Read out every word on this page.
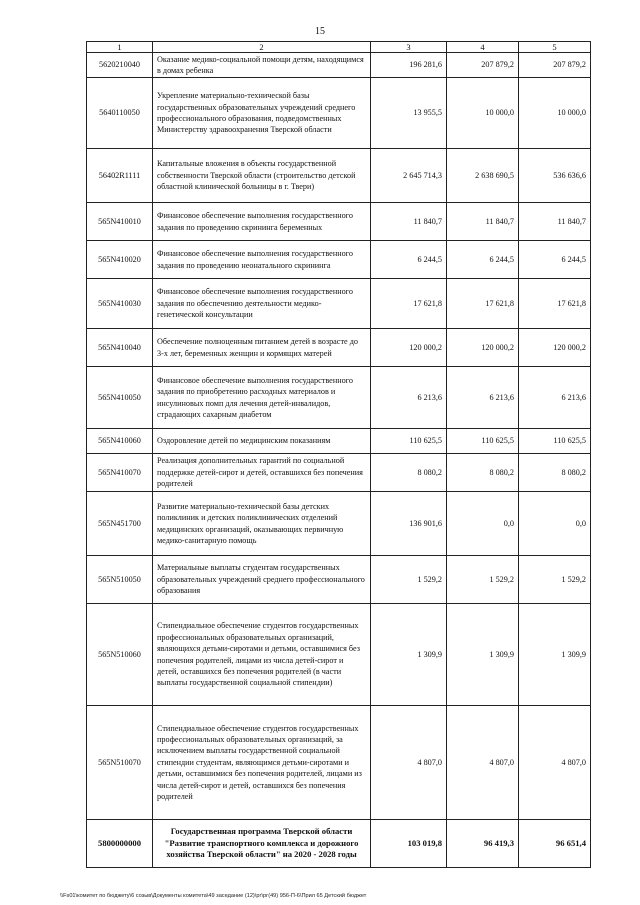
15
1	2	3	4	5
5620210040	Оказание медико-социальной помощи детям, находящимся в домах ребенка	196 281,6	207 879,2	207 879,2
5640110050	Укрепление материально-технической базы государственных образовательных учреждений среднего профессионального образования, подведомственных Министерству здравоохранения Тверской области	13 955,5	10 000,0	10 000,0
56402R1111	Капитальные вложения в объекты государственной собственности Тверской области (строительство детской областной клинической больницы в г. Твери)	2 645 714,3	2 638 690,5	536 636,6
565N410010	Финансовое обеспечение выполнения государственного задания по проведению скрининга беременных	11 840,7	11 840,7	11 840,7
565N410020	Финансовое обеспечение выполнения государственного задания по проведению неонатального скрининга	6 244,5	6 244,5	6 244,5
565N410030	Финансовое обеспечение выполнения государственного задания по обеспечению деятельности медико-генетической консультации	17 621,8	17 621,8	17 621,8
565N410040	Обеспечение полноценным питанием детей в возрасте до 3-х лет, беременных женщин и кормящих матерей	120 000,2	120 000,2	120 000,2
565N410050	Финансовое обеспечение выполнения государственного задания по приобретению расходных материалов и инсулиновых помп для лечения детей-инвалидов, страдающих сахарным диабетом	6 213,6	6 213,6	6 213,6
565N410060	Оздоровление детей по медицинским показаниям	110 625,5	110 625,5	110 625,5
565N410070	Реализация дополнительных гарантий по социальной поддержке детей-сирот и детей, оставшихся без попечения родителей	8 080,2	8 080,2	8 080,2
565N451700	Развитие материально-технической базы детских поликлиник и детских поликлинических отделений медицинских организаций, оказывающих первичную медико-санитарную помощь	136 901,6	0,0	0,0
565N510050	Материальные выплаты студентам государственных образовательных учреждений среднего профессионального образования	1 529,2	1 529,2	1 529,2
565N510060	Стипендиальное обеспечение студентов государственных профессиональных образовательных организаций, являющихся детьми-сиротами и детьми, оставшимися без попечения родителей, лицами из числа детей-сирот и детей, оставшихся без попечения родителей (в части выплаты государственной социальной стипендии)	1 309,9	1 309,9	1 309,9
565N510070	Стипендиальное обеспечение студентов государственных профессиональных образовательных организаций, за исключением выплаты государственной социальной стипендии студентам, являющимся детьми-сиротами и детьми, оставшимися без попечения родителей, лицами из числа детей-сирот и детей, оставшихся без попечения родителей	4 807,0	4 807,0	4 807,0
5800000000	Государственная программа Тверской области "Развитие транспортного комплекса и дорожного хозяйства Тверской области" на 2020 - 2028 годы	103 019,8	96 419,3	96 651,4
\\Fs01\комитет по бюджету\6 созыв\Документы комитета\49 заседание (12)\рг\рг(49) 956-П-6\Прил 65 Детский бюджет
